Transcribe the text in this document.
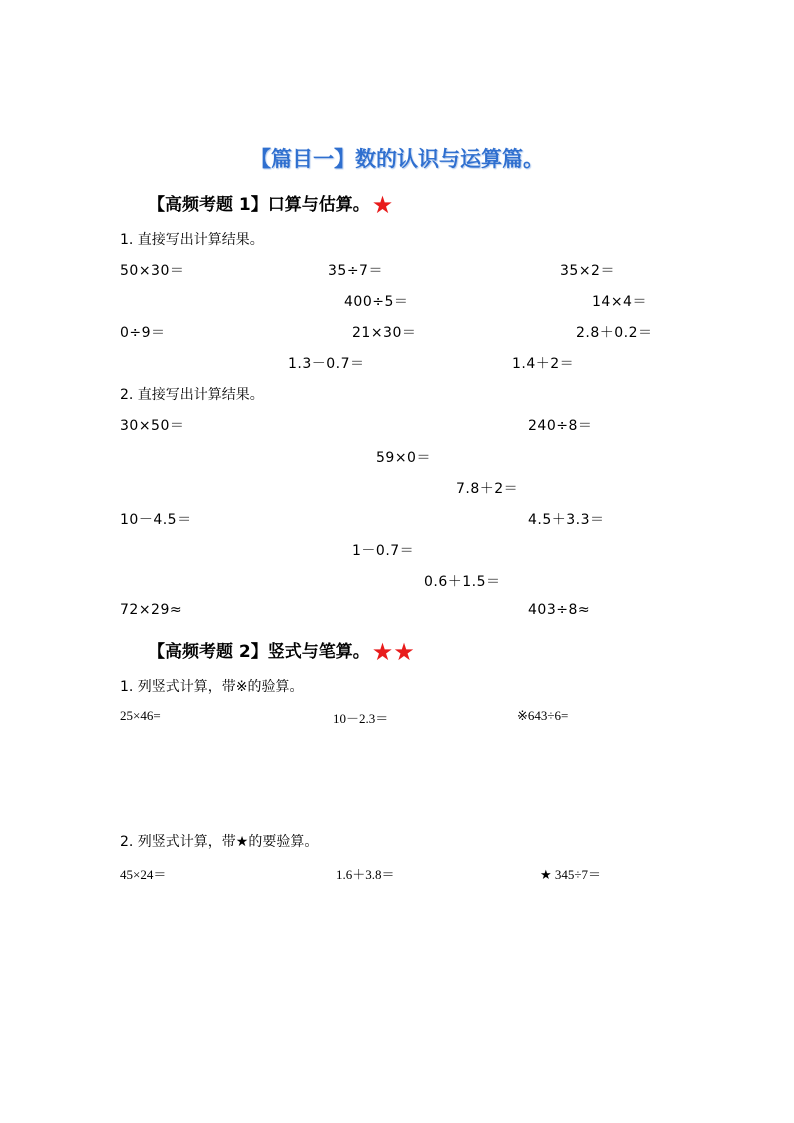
【篇目一】数的认识与运算篇。
【高频考题 1】口算与估算。★
1. 直接写出计算结果。
50×30＝	35÷7＝	35×2＝
400÷5＝	14×4＝
0÷9＝	21×30＝	2.8＋0.2＝
1.3－0.7＝	1.4＋2＝
2. 直接写出计算结果。
30×50＝	240÷8＝
59×0＝
7.8＋2＝
10－4.5＝	4.5＋3.3＝
1－0.7＝
0.6＋1.5＝
72×29≈	403÷8≈
【高频考题 2】竖式与笔算。★★
1. 列竖式计算，带※的验算。
25×46=	10－2.3＝	※643÷6=
2. 列竖式计算，带★的要验算。
45×24＝	1.6＋3.8＝	★ 345÷7＝
